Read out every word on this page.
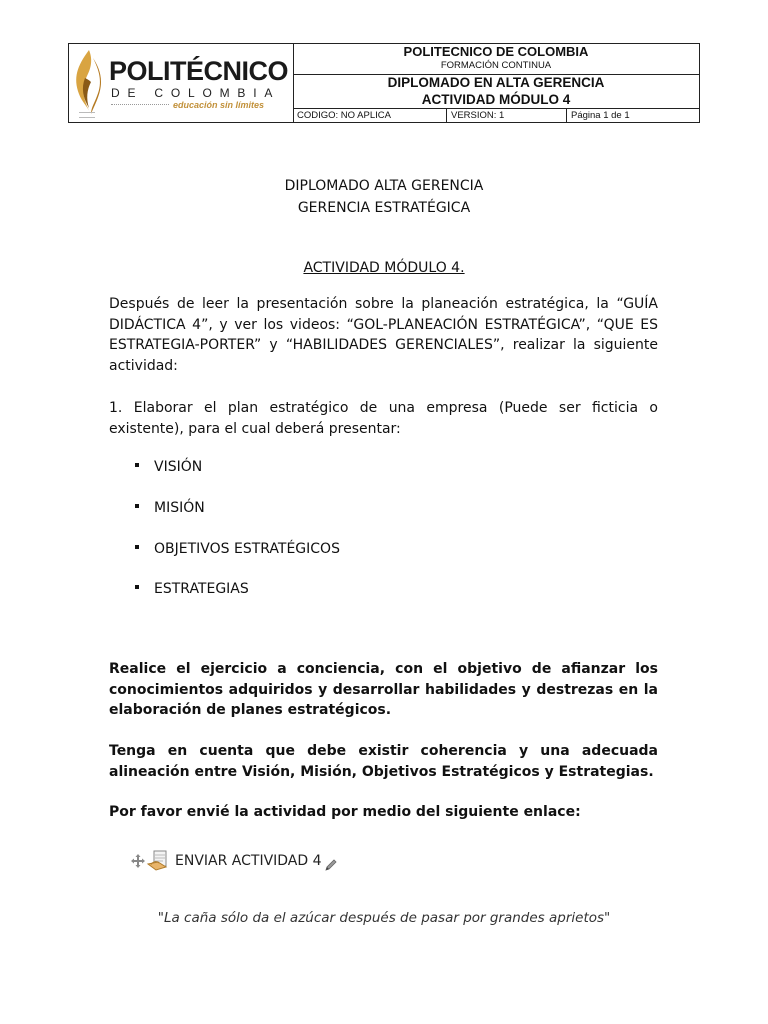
POLITÉCNICO
DE COLOMBIA
educación sin límites
POLITECNICO DE COLOMBIA
FORMACIÓN CONTINUA
DIPLOMADO EN ALTA GERENCIA
ACTIVIDAD MÓDULO 4
CODIGO: NO APLICA	VERSION: 1	Página 1 de 1
DIPLOMADO ALTA GERENCIA
GERENCIA ESTRATÉGICA
ACTIVIDAD MÓDULO 4.
Después de leer la presentación sobre la planeación estratégica, la “GUÍA DIDÁCTICA 4”, y ver los videos: “GOL-PLANEACIÓN ESTRATÉGICA”, “QUE ES ESTRATEGIA-PORTER” y “HABILIDADES GERENCIALES”, realizar la siguiente actividad:
1. Elaborar el plan estratégico de una empresa (Puede ser ficticia o existente), para el cual deberá presentar:
VISIÓN
MISIÓN
OBJETIVOS ESTRATÉGICOS
ESTRATEGIAS
Realice el ejercicio a conciencia, con el objetivo de afianzar los conocimientos adquiridos y desarrollar habilidades y destrezas en la elaboración de planes estratégicos.
Tenga en cuenta que debe existir coherencia y una adecuada alineación entre Visión, Misión, Objetivos Estratégicos y Estrategias.
Por favor envié la actividad por medio del siguiente enlace:
ENVIAR ACTIVIDAD 4
"La caña sólo da el azúcar después de pasar por grandes aprietos"
